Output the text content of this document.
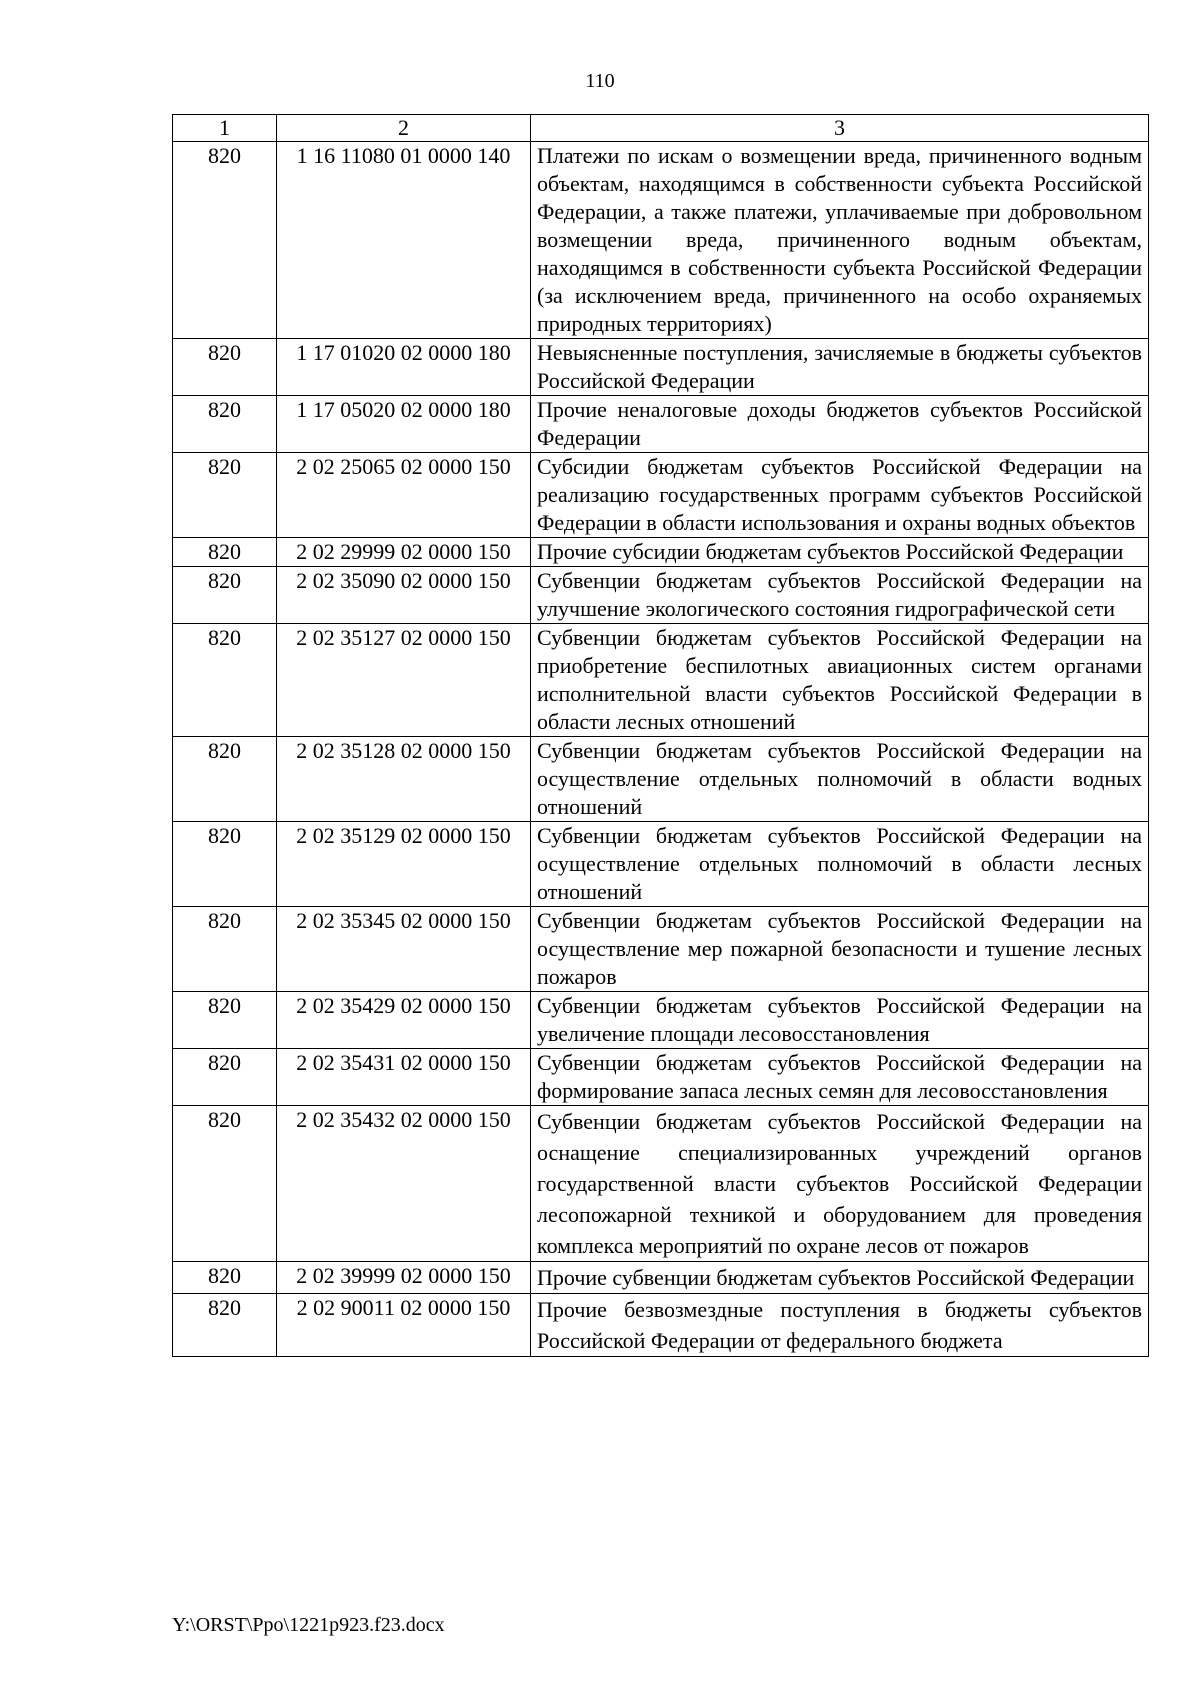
110
1	2	3
820	1 16 11080 01 0000 140	Платежи по искам о возмещении вреда, причиненного водным объектам, находящимся в собственности субъекта Российской Федерации, а также платежи, уплачиваемые при добровольном возмещении вреда, причиненного водным объектам, находящимся в собственности субъекта Российской Федерации (за исключением вреда, причиненного на особо охраняемых природных территориях)
820	1 17 01020 02 0000 180	Невыясненные поступления, зачисляемые в бюджеты субъектов Российской Федерации
820	1 17 05020 02 0000 180	Прочие неналоговые доходы бюджетов субъектов Российской Федерации
820	2 02 25065 02 0000 150	Субсидии бюджетам субъектов Российской Федерации на реализацию государственных программ субъектов Российской Федерации в области использования и охраны водных объектов
820	2 02 29999 02 0000 150	Прочие субсидии бюджетам субъектов Российской Федерации
820	2 02 35090 02 0000 150	Субвенции бюджетам субъектов Российской Федерации на улучшение экологического состояния гидрографической сети
820	2 02 35127 02 0000 150	Субвенции бюджетам субъектов Российской Федерации на приобретение беспилотных авиационных систем органами исполнительной власти субъектов Российской Федерации в области лесных отношений
820	2 02 35128 02 0000 150	Субвенции бюджетам субъектов Российской Федерации на осуществление отдельных полномочий в области водных отношений
820	2 02 35129 02 0000 150	Субвенции бюджетам субъектов Российской Федерации на осуществление отдельных полномочий в области лесных отношений
820	2 02 35345 02 0000 150	Субвенции бюджетам субъектов Российской Федерации на осуществление мер пожарной безопасности и тушение лесных пожаров
820	2 02 35429 02 0000 150	Субвенции бюджетам субъектов Российской Федерации на увеличение площади лесовосстановления
820	2 02 35431 02 0000 150	Субвенции бюджетам субъектов Российской Федерации на формирование запаса лесных семян для лесовосстановления
820	2 02 35432 02 0000 150	Субвенции бюджетам субъектов Российской Федерации на оснащение специализированных учреждений органов государственной власти субъектов Российской Федерации лесопожарной техникой и оборудованием для проведения комплекса мероприятий по охране лесов от пожаров
820	2 02 39999 02 0000 150	Прочие субвенции бюджетам субъектов Российской Федерации
820	2 02 90011 02 0000 150	Прочие безвозмездные поступления в бюджеты субъектов Российской Федерации от федерального бюджета
Y:\ORST\Ppo\1221p923.f23.docx
